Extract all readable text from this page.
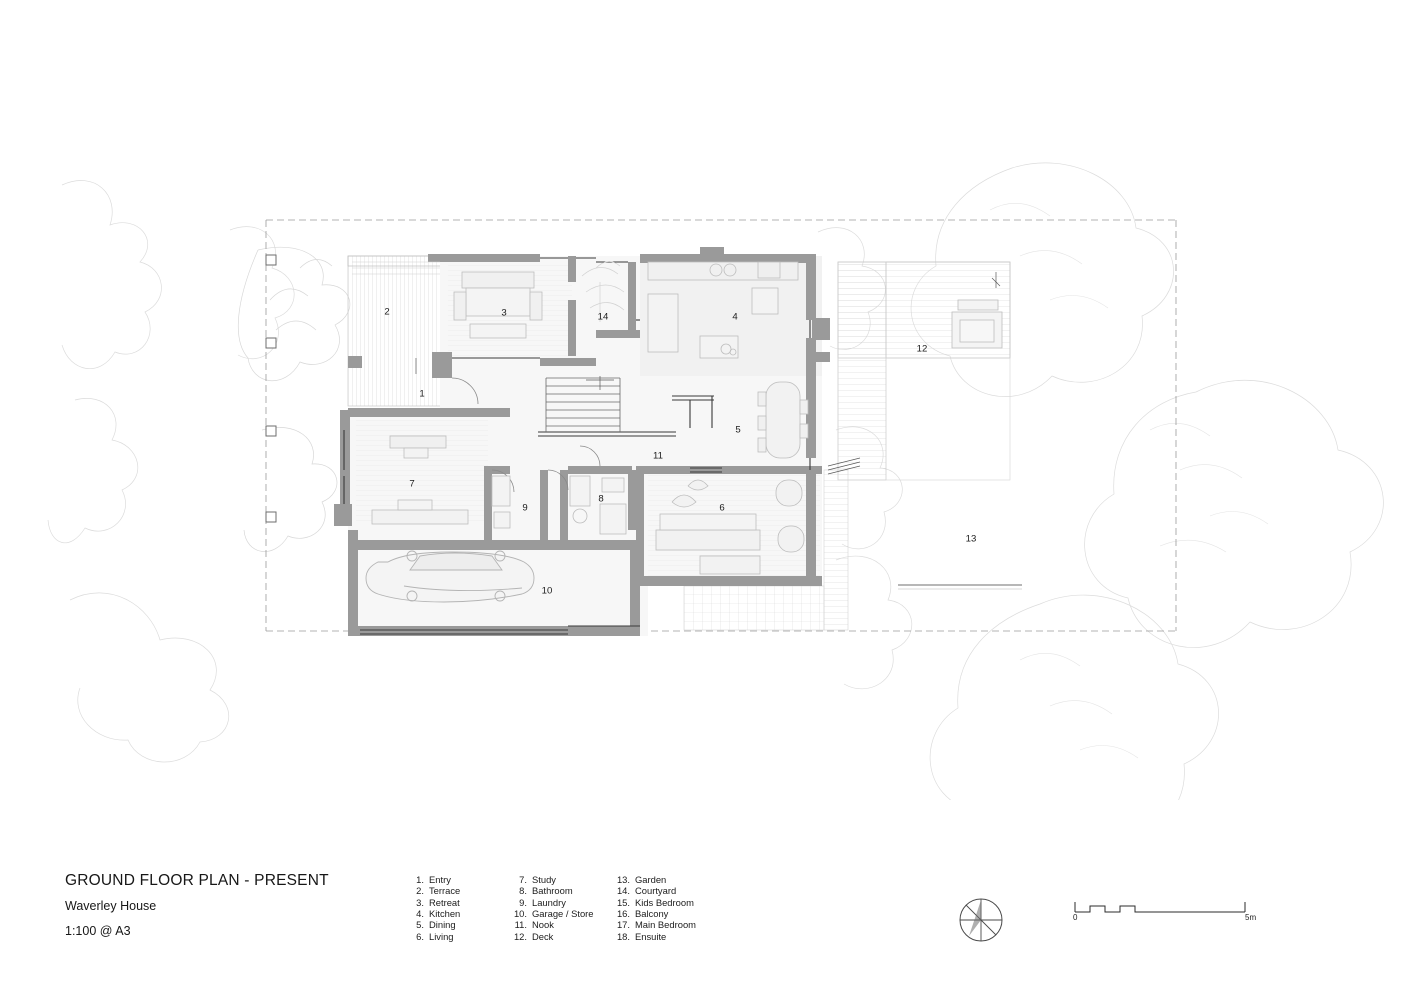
2	3	14	4
12
1
5
11
7
9
8
6
13
10
GROUND FLOOR PLAN - PRESENT
Waverley House
1:100 @ A3
1. Entry
2. Terrace
3. Retreat
4. Kitchen
5. Dining
6. Living
7. Study
8. Bathroom
9. Laundry
10. Garage / Store
11. Nook
12. Deck
13. Garden
14. Courtyard
15. Kids Bedroom
16. Balcony
17. Main Bedroom
18. Ensuite
0	5m
